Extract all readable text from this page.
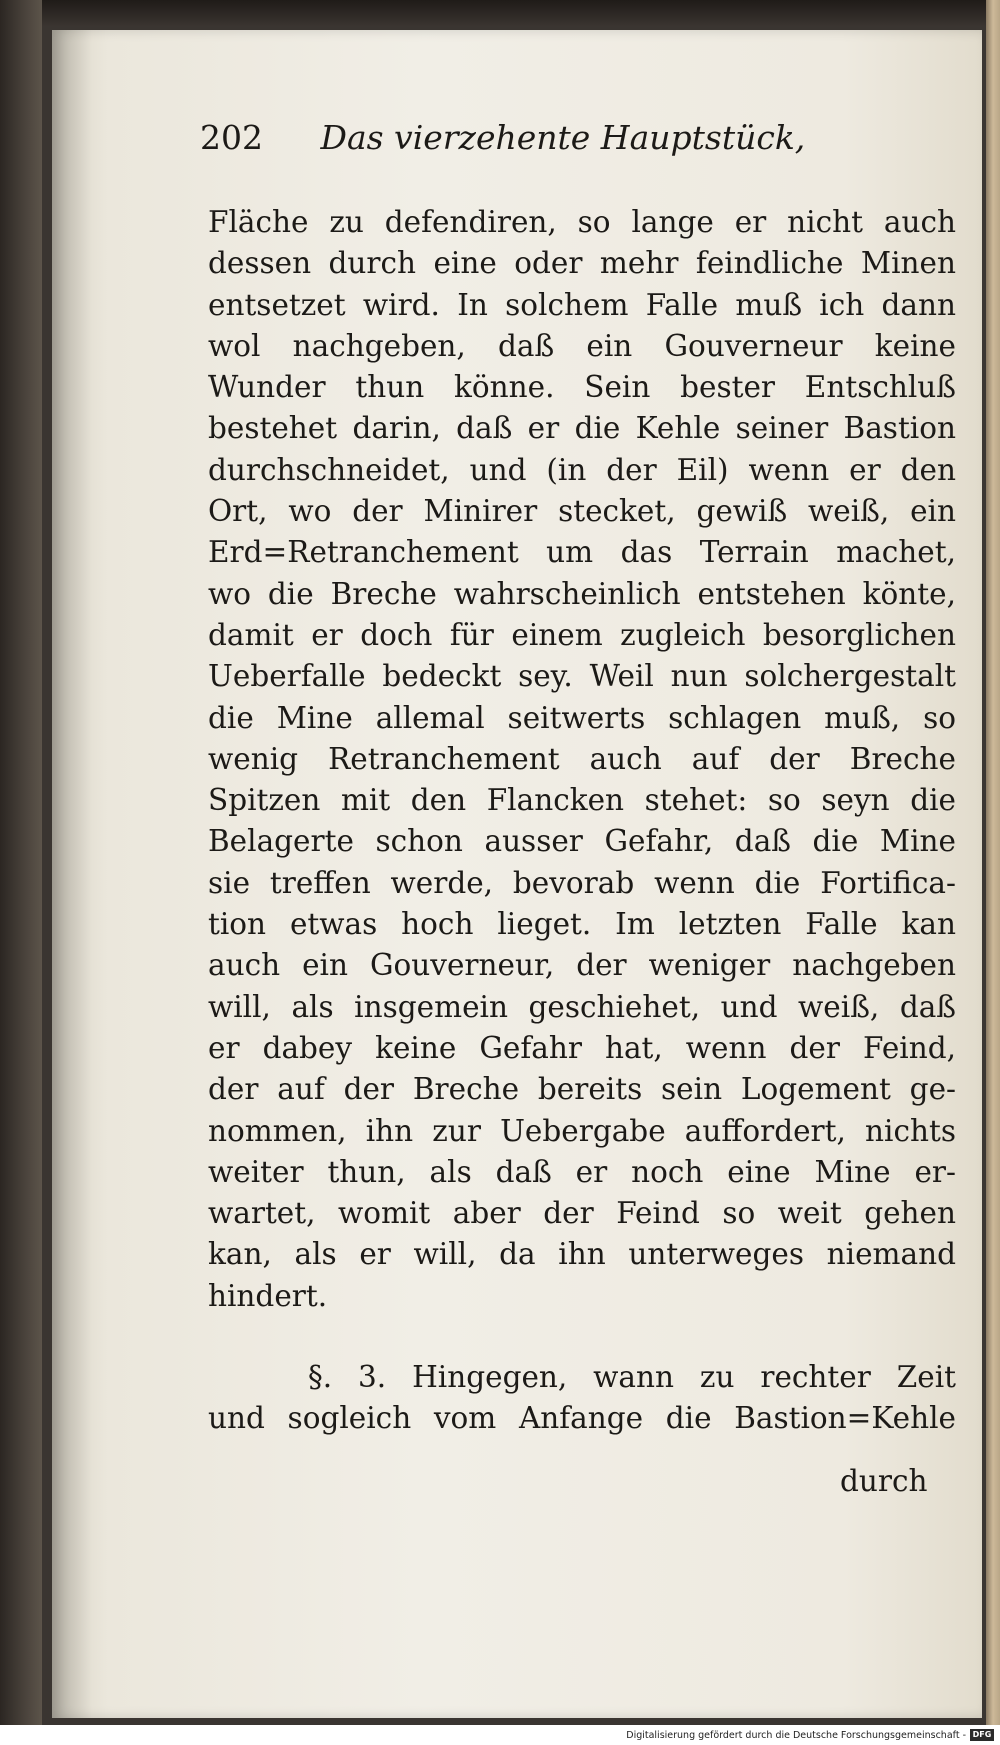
202 Das vierzehente Hauptstück,
Fläche zu defendiren, so lange er nicht auch
dessen durch eine oder mehr feindliche Minen
entsetzet wird. In solchem Falle muß ich dann
wol nachgeben, daß ein Gouverneur keine
Wunder thun könne. Sein bester Entschluß
bestehet darin, daß er die Kehle seiner Bastion
durchschneidet, und (in der Eil) wenn er den
Ort, wo der Minirer stecket, gewiß weiß, ein
Erd=Retranchement um das Terrain machet,
wo die Breche wahrscheinlich entstehen könte,
damit er doch für einem zugleich besorglichen
Ueberfalle bedeckt sey. Weil nun solchergestalt
die Mine allemal seitwerts schlagen muß, so
wenig Retranchement auch auf der Breche
Spitzen mit den Flancken stehet: so seyn die
Belagerte schon ausser Gefahr, daß die Mine
sie treffen werde, bevorab wenn die Fortifica-
tion etwas hoch lieget. Im letzten Falle kan
auch ein Gouverneur, der weniger nachgeben
will, als insgemein geschiehet, und weiß, daß
er dabey keine Gefahr hat, wenn der Feind,
der auf der Breche bereits sein Logement ge-
nommen, ihn zur Uebergabe auffordert, nichts
weiter thun, als daß er noch eine Mine er-
wartet, womit aber der Feind so weit gehen
kan, als er will, da ihn unterweges niemand
hindert.
§. 3. Hingegen, wann zu rechter Zeit
und sogleich vom Anfange die Bastion=Kehle
durch
Digitalisierung gefördert durch die Deutsche Forschungsgemeinschaft - DFG
